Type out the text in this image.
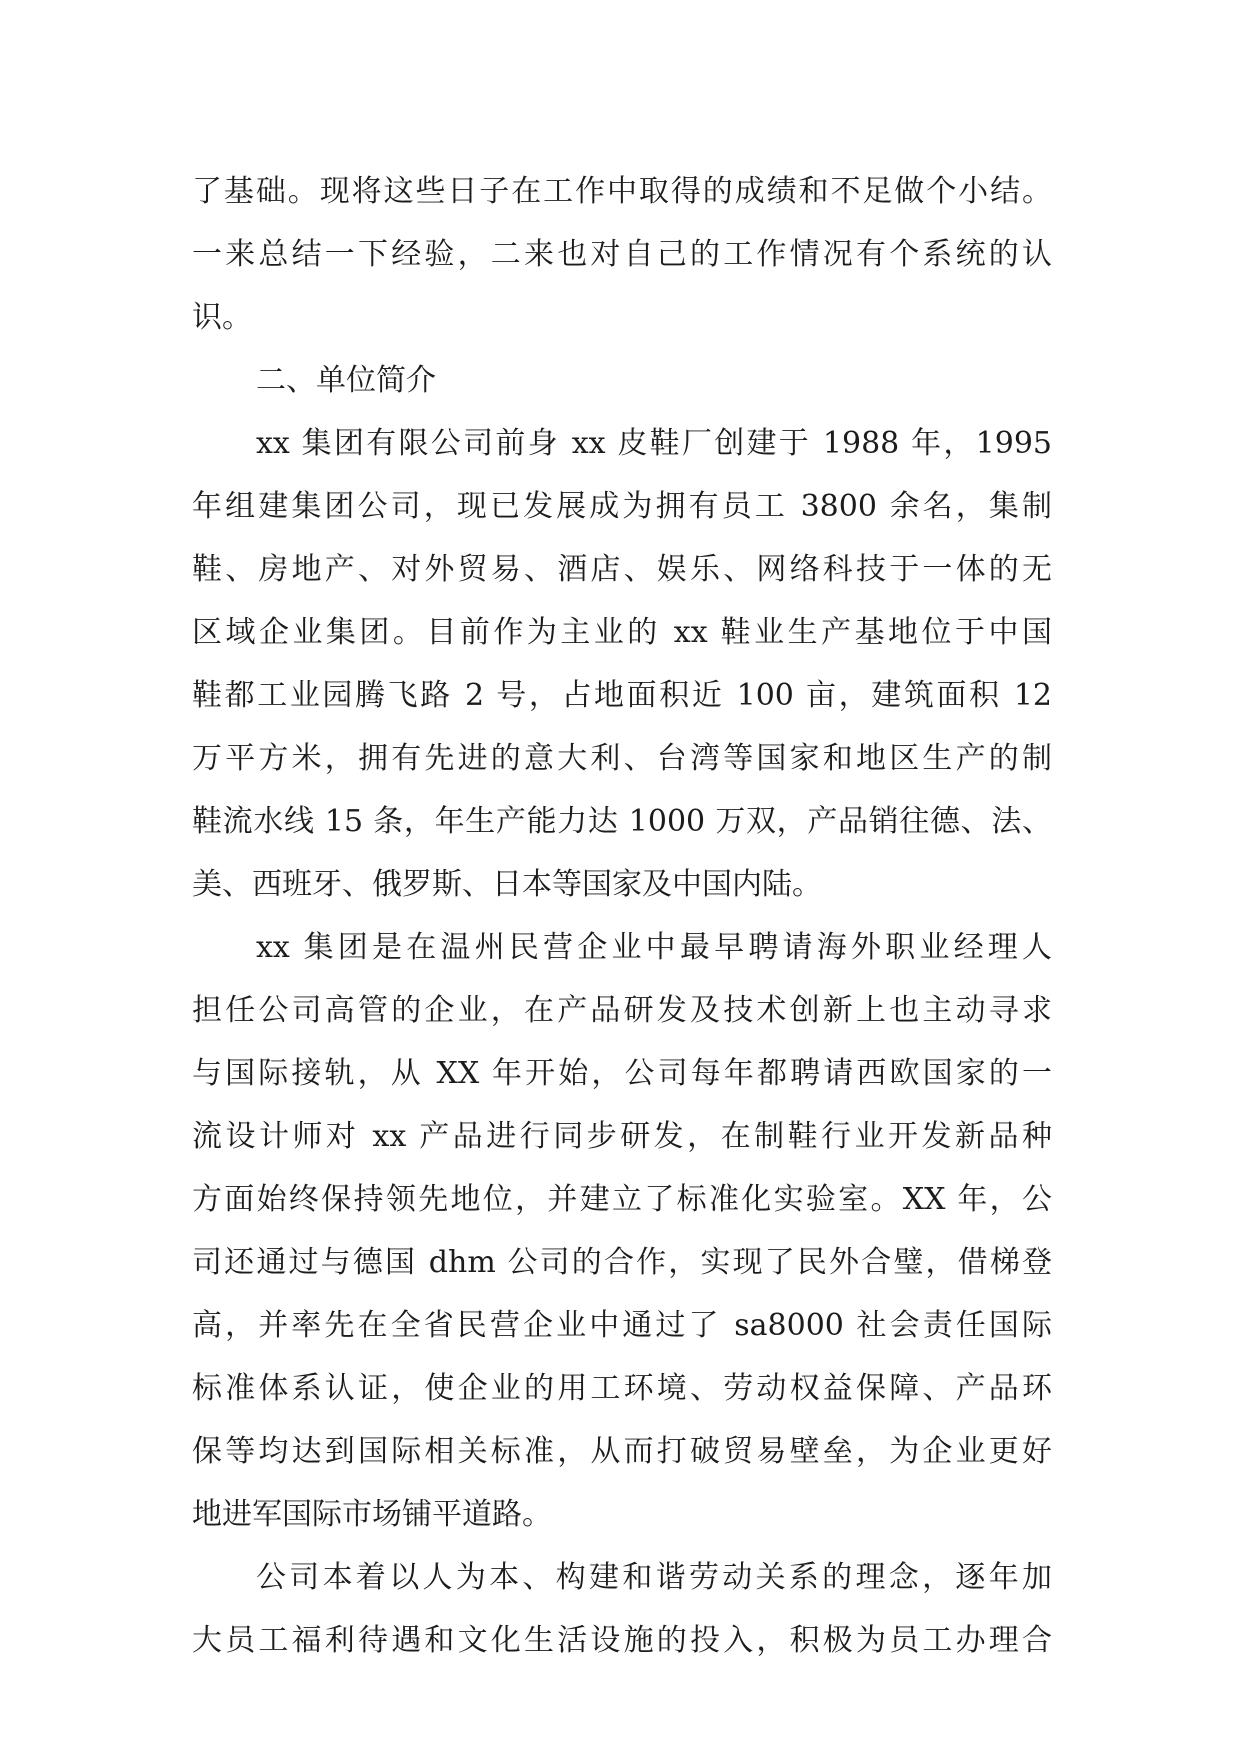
了基础。现将这些日子在工作中取得的成绩和不足做个小结。
一来总结一下经验，二来也对自己的工作情况有个系统的认
识。
二、单位简介
xx 集团有限公司前身 xx 皮鞋厂创建于 1988 年，1995
年组建集团公司，现已发展成为拥有员工 3800 余名，集制
鞋、房地产、对外贸易、酒店、娱乐、网络科技于一体的无
区域企业集团。目前作为主业的 xx 鞋业生产基地位于中国
鞋都工业园腾飞路 2 号，占地面积近 100 亩，建筑面积 12
万平方米，拥有先进的意大利、台湾等国家和地区生产的制
鞋流水线 15 条，年生产能力达 1000 万双，产品销往德、法、
美、西班牙、俄罗斯、日本等国家及中国内陆。
xx 集团是在温州民营企业中最早聘请海外职业经理人
担任公司高管的企业，在产品研发及技术创新上也主动寻求
与国际接轨，从 XX 年开始，公司每年都聘请西欧国家的一
流设计师对 xx 产品进行同步研发，在制鞋行业开发新品种
方面始终保持领先地位，并建立了标准化实验室。XX 年，公
司还通过与德国 dhm 公司的合作，实现了民外合璧，借梯登
高，并率先在全省民营企业中通过了 sa8000 社会责任国际
标准体系认证，使企业的用工环境、劳动权益保障、产品环
保等均达到国际相关标准，从而打破贸易壁垒，为企业更好
地进军国际市场铺平道路。
公司本着以人为本、构建和谐劳动关系的理念，逐年加
大员工福利待遇和文化生活设施的投入，积极为员工办理合
